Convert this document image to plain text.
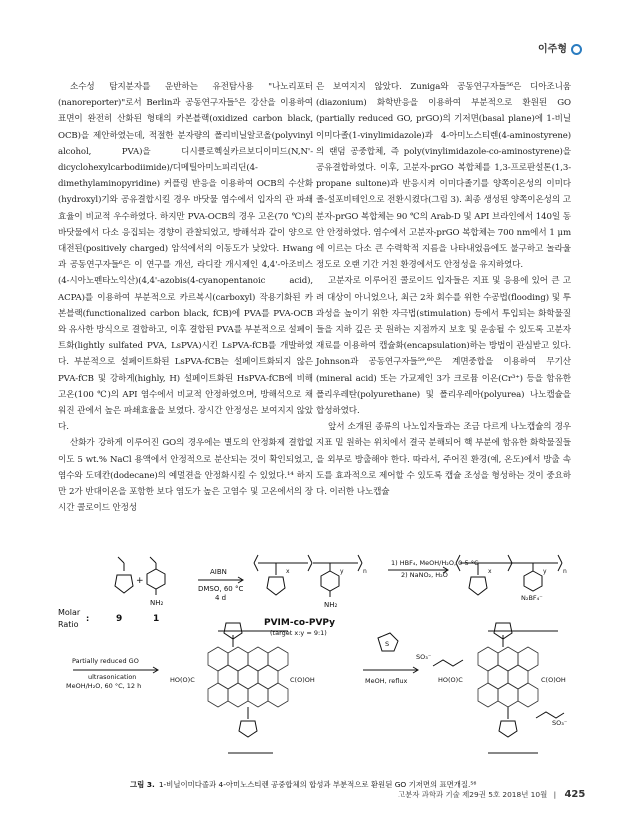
이주형

소수성 탐지분자를 운반하는 유전탐사용 "나노리포터(nanoreporter)"로서 Berlin과 공동연구자들⁵은 강산을 이용하여 표면이 완전히 산화된 형태의 카본블랙(oxidized carbon black, OCB)을 제안하였는데, 적절한 분자량의 폴리비닐알코올(polyvinyl alcohol, PVA)을 디시클로헥실카르보디이미드(N,N'-dicyclohexylcarbodiimide)/디메틸아미노피리딘(4-dimethylaminopyridine) 커플링 반응을 이용하여 OCB의 수산화(hydroxyl)기와 공유결합시킬 경우 바닷물 염수에서 입자의 관 파쇄효율이 비교적 우수하였다. 하지만 PVA-OCB의 경우 고온(70 ℃)의 바닷물에서 다소 응집되는 경향이 관찰되었고, 방해석과 같이 양으로 대전된(positively charged) 암석에서의 이동도가 낮았다. Hwang과 공동연구자들⁶은 이 연구를 개선, 라디칼 개시제인 4,4'-아조비스(4-시아노펜타노익산)(4,4'-azobis(4-cyanopentanoic acid), ACPA)를 이용하여 부분적으로 카르복시(carboxyl) 작용기화된 카본블랙(functionalized carbon black, fCB)에 PVA를 PVA-OCB와 유사한 방식으로 결합하고, 이후 결합된 PVA를 부분적으로 설페이트화(lightly sulfated PVA, LsPVA)시킨 LsPVA-fCB를 개발하였다. 부분적으로 설페이트화된 LsPVA-fCB는 설페이트화되지 않은 PVA-fCB 및 강하게(highly, H) 설페이트화된 HsPVA-fCB에 비해 고온(100 ℃)의 API 염수에서 비교적 안정하였으며, 방해석으로 채워진 관에서 높은 파쇄효율을 보였다. 장시간 안정성은 보여지지 않았다.

산화가 강하게 이루어진 GO의 경우에는 별도의 안정화제 결합없이도 5 wt.% NaCl 용액에서 안정적으로 분산되는 것이 확인되었고, 염수와 도데칸(dodecane)의 예멀젼을 안정화시킬 수 있었다.¹⁴ 하지만 2가 반대이온을 포함한 보다 염도가 높은 고염수 및 고온에서의 장시간 콜로이드 안정성

은 보여지지 않았다. Zuniga와 공동연구자들⁵⁶은 디아조니움(diazonium) 화학반응을 이용하여 부분적으로 환원된 GO (partially reduced GO, prGO)의 기저면(basal plane)에 1-비닐이미다졸(1-vinylimidazole)과 4-아미노스티렌(4-aminostyrene)의 랜덤 공중합체, 즉 poly(vinylimidazole-co-aminostyrene)을 공유결합하였다. 이후, 고분자-prGO 복합체를 1,3-프로판설톤(1,3-propane sultone)과 반응시켜 이미다졸기를 양쪽이온성의 이미다졸-설포비테인으로 전환시켰다(그림 3). 최종 생성된 양쪽이온성의 고분자-prGO 복합체는 90 ℃의 Arab-D 및 API 브라인에서 140일 동안 안정하였다. 염수에서 고분자-prGO 복합체는 700 nm에서 1 μm에 이르는 다소 큰 수력학적 지름을 나타내었음에도 불구하고 놀라울 정도로 오랜 기간 거친 환경에서도 안정성을 유지하였다.

고분자로 이루어진 콜로이드 입자들은 지표 및 응용에 있어 큰 고려 대상이 아니었으나, 최근 2차 회수를 위한 수공법(flooding) 및 투과성을 높이기 위한 자극법(stimulation) 등에서 투입되는 화학물질들을 지하 깊은 곳 원하는 지점까지 보호 및 운송될 수 있도록 고분자재료를 이용하여 캡슐화(encapsulation)하는 방법이 관심받고 있다. Johnson과 공동연구자들⁵⁹,⁶⁰은 계면중합을 이용하여 무기산(mineral acid) 또는 가교제인 3가 크로뮴 이온(Cr³⁺) 등을 함유한 폴리우레탄(polyurethane) 및 폴리우레아(polyurea) 나노캡슐을 합성하였다.

앞서 소개된 종류의 나노입자들과는 조금 다르게 나노캡슐의 경우 지표 밑 원하는 위치에서 결국 분해되어 핵 부분에 함유한 화학물질들을 외부로 방출해야 한다. 따라서, 주어진 환경(예, 온도)에서 방출 속도를 효과적으로 제어할 수 있도록 캡슐 조성을 형성하는 것이 중요하다. 이러한 나노캡슐

Molar
Ratio
:	9	1
+
NH₂
AIBN
DMSO, 60 °C
4 d
NH₂
x	y	n
PVIM-co-PVPy
(target x:y = 9:1)
1) HBF₄, MeOH/H₂O, 0-5 °C
2) NaNO₂, H₂O
N₂BF₄⁻
x	y	n
Partially reduced GO
ultrasonication
MeOH/H₂O, 60 °C, 12 h
HO(O)C	C(O)OH
S
MeOH, reflux
SO₃⁻
HO(O)C	C(O)OH
SO₃⁻
그림 3. 1-비닐이미다졸과 4-아미노스티렌 공중합체의 합성과 부분적으로 환원된 GO 기저면의 표면개질.⁵⁶
고분자 과학과 기술 제29권 5호 2018년 10월 | 425
